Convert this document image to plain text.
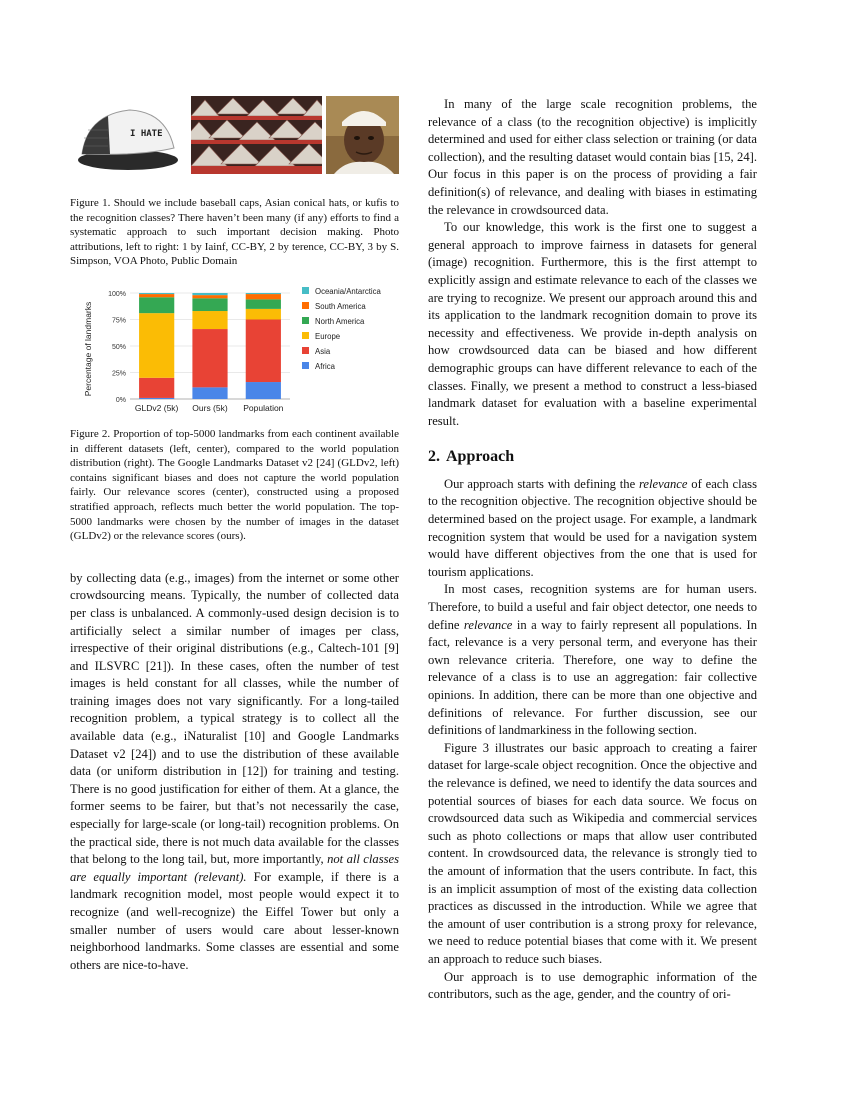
I HATE

Figure 1. Should we include baseball caps, Asian conical hats, or kufis to the recognition classes? There haven’t been many (if any) efforts to find a systematic approach to such important decision making. Photo attributions, left to right: 1 by Iainf, CC-BY, 2 by terence, CC-BY, 3 by S. Simpson, VOA Photo, Public Domain

Percentage of landmarks
0%
25%
50%
75%
100%
GLDv2 (5k) Ours (5k) Population
Oceania/Antarctica
South America
North America
Europe
Asia
Africa

Figure 2. Proportion of top-5000 landmarks from each continent available in different datasets (left, center), compared to the world population distribution (right). The Google Landmarks Dataset v2 [24] (GLDv2, left) contains significant biases and does not capture the world population fairly. Our relevance scores (center), constructed using a proposed stratified approach, reflects much better the world population. The top-5000 landmarks were chosen by the number of images in the dataset (GLDv2) or the relevance scores (ours).

by collecting data (e.g., images) from the internet or some other crowdsourcing means. Typically, the number of collected data per class is unbalanced. A commonly-used design decision is to artificially select a similar number of images per class, irrespective of their original distributions (e.g., Caltech-101 [9] and ILSVRC [21]). In these cases, often the number of test images is held constant for all classes, while the number of training images does not vary significantly. For a long-tailed recognition problem, a typical strategy is to collect all the available data (e.g., iNaturalist [10] and Google Landmarks Dataset v2 [24]) and to use the distribution of these available data (or uniform distribution in [12]) for training and testing. There is no good justification for either of them. At a glance, the former seems to be fairer, but that’s not necessarily the case, especially for large-scale (or long-tail) recognition problems. On the practical side, there is not much data available for the classes that belong to the long tail, but, more importantly, not all classes are equally important (relevant). For example, if there is a landmark recognition model, most people would expect it to recognize (and well-recognize) the Eiffel Tower but only a smaller number of users would care about lesser-known neighborhood landmarks. Some classes are essential and some others are nice-to-have.

In many of the large scale recognition problems, the relevance of a class (to the recognition objective) is implicitly determined and used for either class selection or training (or data collection), and the resulting dataset would contain bias [15, 24]. Our focus in this paper is on the process of providing a fair definition(s) of relevance, and dealing with biases in estimating the relevance in crowdsourced data.

To our knowledge, this work is the first one to suggest a general approach to improve fairness in datasets for general (image) recognition. Furthermore, this is the first attempt to explicitly assign and estimate relevance to each of the classes we are trying to recognize. We present our approach around this and its application to the landmark recognition domain to prove its necessity and effectiveness. We provide in-depth analysis on how crowdsourced data can be biased and how different demographic groups can have different relevance to each of the classes. Finally, we present a method to construct a less-biased landmark dataset for evaluation with a baseline experimental result.

2. Approach

Our approach starts with defining the relevance of each class to the recognition objective. The recognition objective should be determined based on the project usage. For example, a landmark recognition system that would be used for a navigation system would have different objectives from the one that is used for tourism applications.

In most cases, recognition systems are for human users. Therefore, to build a useful and fair object detector, one needs to define relevance in a way to fairly represent all populations. In fact, relevance is a very personal term, and everyone has their own relevance criteria. Therefore, one way to define the relevance of a class is to use an aggregation: fair collective opinions. In addition, there can be more than one objective and definitions of relevance. For further discussion, see our definitions of landmarkiness in the following section.

Figure 3 illustrates our basic approach to creating a fairer dataset for large-scale object recognition. Once the objective and the relevance is defined, we need to identify the data sources and potential sources of biases for each data source. We focus on crowdsourced data such as Wikipedia and commercial services such as photo collections or maps that allow user contributed content. In crowdsourced data, the relevance is strongly tied to the amount of information that the users contribute. In fact, this is an implicit assumption of most of the existing data collection practices as discussed in the introduction. While we agree that the amount of user contribution is a strong proxy for relevance, we need to reduce potential biases that come with it. We present an approach to reduce such biases.

Our approach is to use demographic information of the contributors, such as the age, gender, and the country of ori-
